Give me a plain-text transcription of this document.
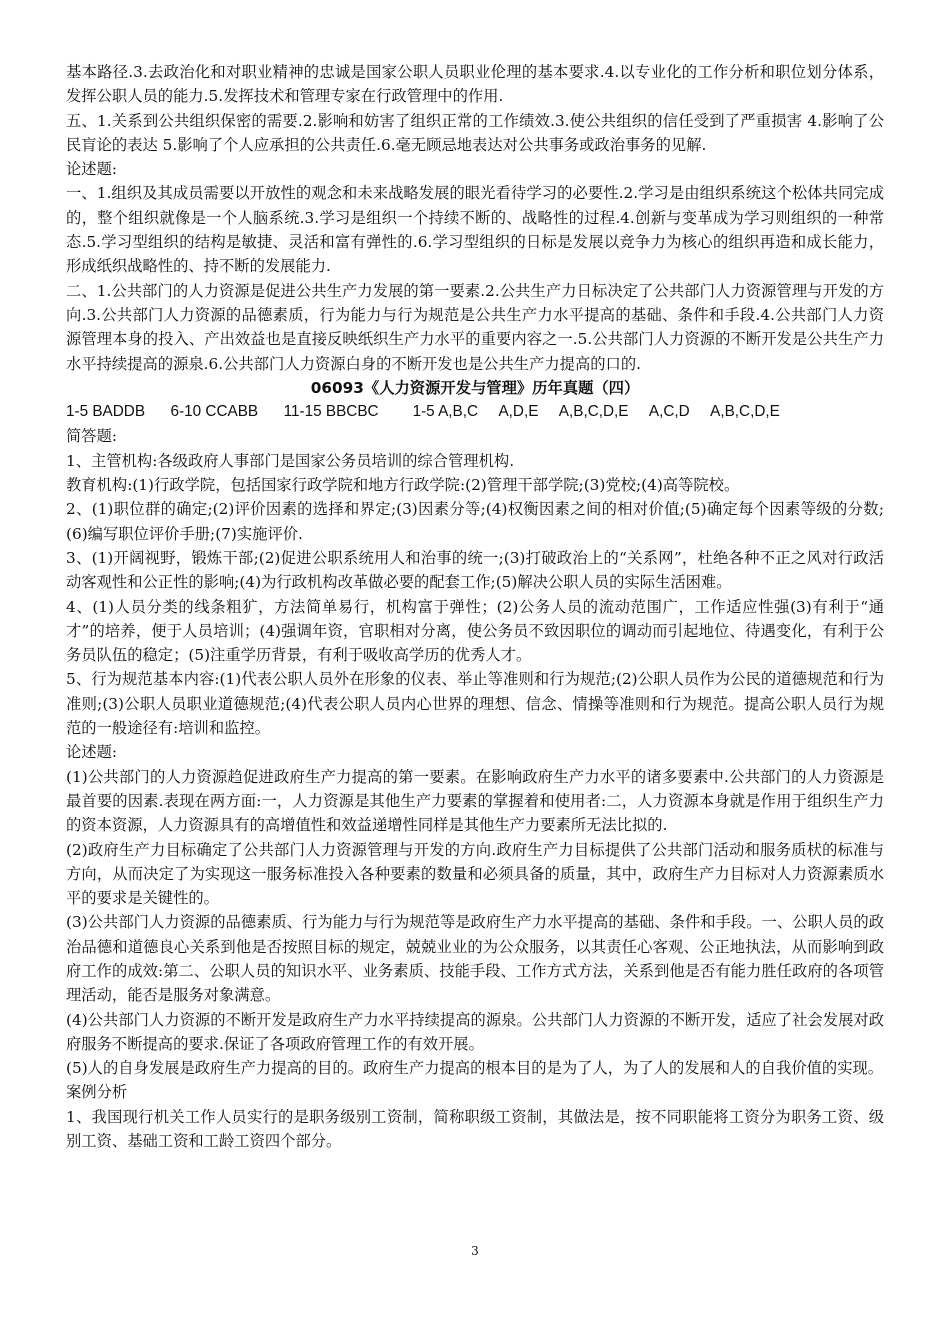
基本路径.3.去政治化和对职业精神的忠诚是国家公职人员职业伦理的基本要求.4.以专业化的工作分析和职位划分体系，发挥公职人员的能力.5.发挥技术和管理专家在行政管理中的作用.

五、1.关系到公共组织保密的需要.2.影响和妨害了组织正常的工作绩效.3.使公共组织的信任受到了严重损害 4.影响了公民肓论的表达 5.影响了个人应承担的公共责任.6.毫无顾忌地表达对公共事务或政治事务的见解.

论述题:

一、1.组织及其成员需要以开放性的观念和未来战略发展的眼光看待学习的必要性.2.学习是由组织系统这个松体共同完成的，整个组织就像是一个人脑系统.3.学习是组织一个持续不断的、战略性的过程.4.创新与变革成为学习则组织的一种常态.5.学习型组织的结构是敏捷、灵活和富有弹性的.6.学习型组织的日标是发展以竞争力为核心的组织再造和成长能力，形成纸织战略性的、持不断的发展能力.

二、1.公共部门的人力资源是促进公共生产力发展的第一要素.2.公共生产力日标决定了公共部门人力资源管理与开发的方向.3.公共部门人力资源的品德素质，行为能力与行为规范是公共生产力水平提高的基础、条件和手段.4.公共部门人力资源管理本身的投入、产出效益也是直接反映纸织生产力水平的重要内容之一.5.公共部门人力资源的不断开发是公共生产力水平持续提高的源泉.6.公共部门人力资源白身的不断开发也是公共生产力提高的口的.

06093《人力资源开发与管理》历年真题（四）

1-5 BADDB      6-10 CCABB      11-15 BBCBC        1-5 A,B,C     A,D,E     A,B,C,D,E     A,C,D     A,B,C,D,E

简答题:

1、主管机构:各级政府人事部门是国家公务员培训的综合管理机构.

教育机构:(1)行政学院，包括国家行政学院和地方行政学院:(2)管理干部学院;(3)党校;(4)高等院校。

2、(1)职位群的确定;(2)评价因素的选择和界定;(3)因素分等;(4)权衡因素之间的相对价值;(5)确定每个因素等级的分数;(6)编写职位评价手册;(7)实施评价.

3、(1)开阔视野，锻炼干部;(2)促进公职系统用人和治事的统一;(3)打破政治上的“关系网”，杜绝各种不正之风对行政活动客观性和公正性的影响;(4)为行政机构改革做必要的配套工作;(5)解决公职人员的实际生活困难。

4、(1)人员分类的线条粗犷，方法简单易行，机构富于弹性；(2)公务人员的流动范围广，工作适应性强(3)有利于“通才”的培养，便于人员培训；(4)强调年资，官职相对分离，使公务员不致因职位的调动而引起地位、待遇变化，有利于公务员队伍的稳定；(5)注重学历背景，有利于吸收高学历的优秀人才。

5、行为规范基本内容:(1)代表公职人员外在形象的仪表、举止等准则和行为规范;(2)公职人员作为公民的道德规范和行为准则;(3)公职人员职业道德规范;(4)代表公职人员内心世界的理想、信念、情操等准则和行为规范。提高公职人员行为规范的一般途径有:培训和监控。

论述题:

(1)公共部门的人力资源趋促进政府生产力提高的第一要素。在影响政府生产力水平的诸多要素中.公共部门的人力资源是最首要的因素.表现在两方面:一，人力资源是其他生产力要素的掌握着和使用者:二，人力资源本身就是作用于组织生产力的资本资源，人力资源具有的高增值性和效益递增性同样是其他生产力要素所无法比拟的.

(2)政府生产力目标确定了公共部门人力资源管理与开发的方向.政府生产力目标提供了公共部门活动和服务质枤的标准与方向，从而决定了为实现这一服务标准投入各种要素的数量和必须具备的质量，其中，政府生产力目标对人力资源素质水平的要求是关键性的。

(3)公共部门人力资源的品德素质、行为能力与行为规范等是政府生产力水平提高的基础、条件和手段。一、公职人员的政治品德和道德良心关系到他是否按照目标的规定，兢兢业业的为公众服务，以其责任心客观、公正地执法，从而影响到政府工作的成效:第二、公职人员的知识水平、业务素质、技能手段、工作方式方法，关系到他是否有能力胜任政府的各项管理活动，能否是服务对象满意。

(4)公共部门人力资源的不断开发是政府生产力水平持续提高的源泉。公共部门人力资源的不断开发，适应了社会发展对政府服务不断提高的要求.保证了各项政府管理工作的有效开展。

(5)人的自身发展是政府生产力提高的目的。政府生产力提高的根本目的是为了人，为了人的发展和人的自我价值的实现。

案例分析

1、我国现行机关工作人员实行的是职务级别工资制，简称职级工资制，其做法是，按不同职能将工资分为职务工资、级别工资、基础工资和工龄工资四个部分。

3
